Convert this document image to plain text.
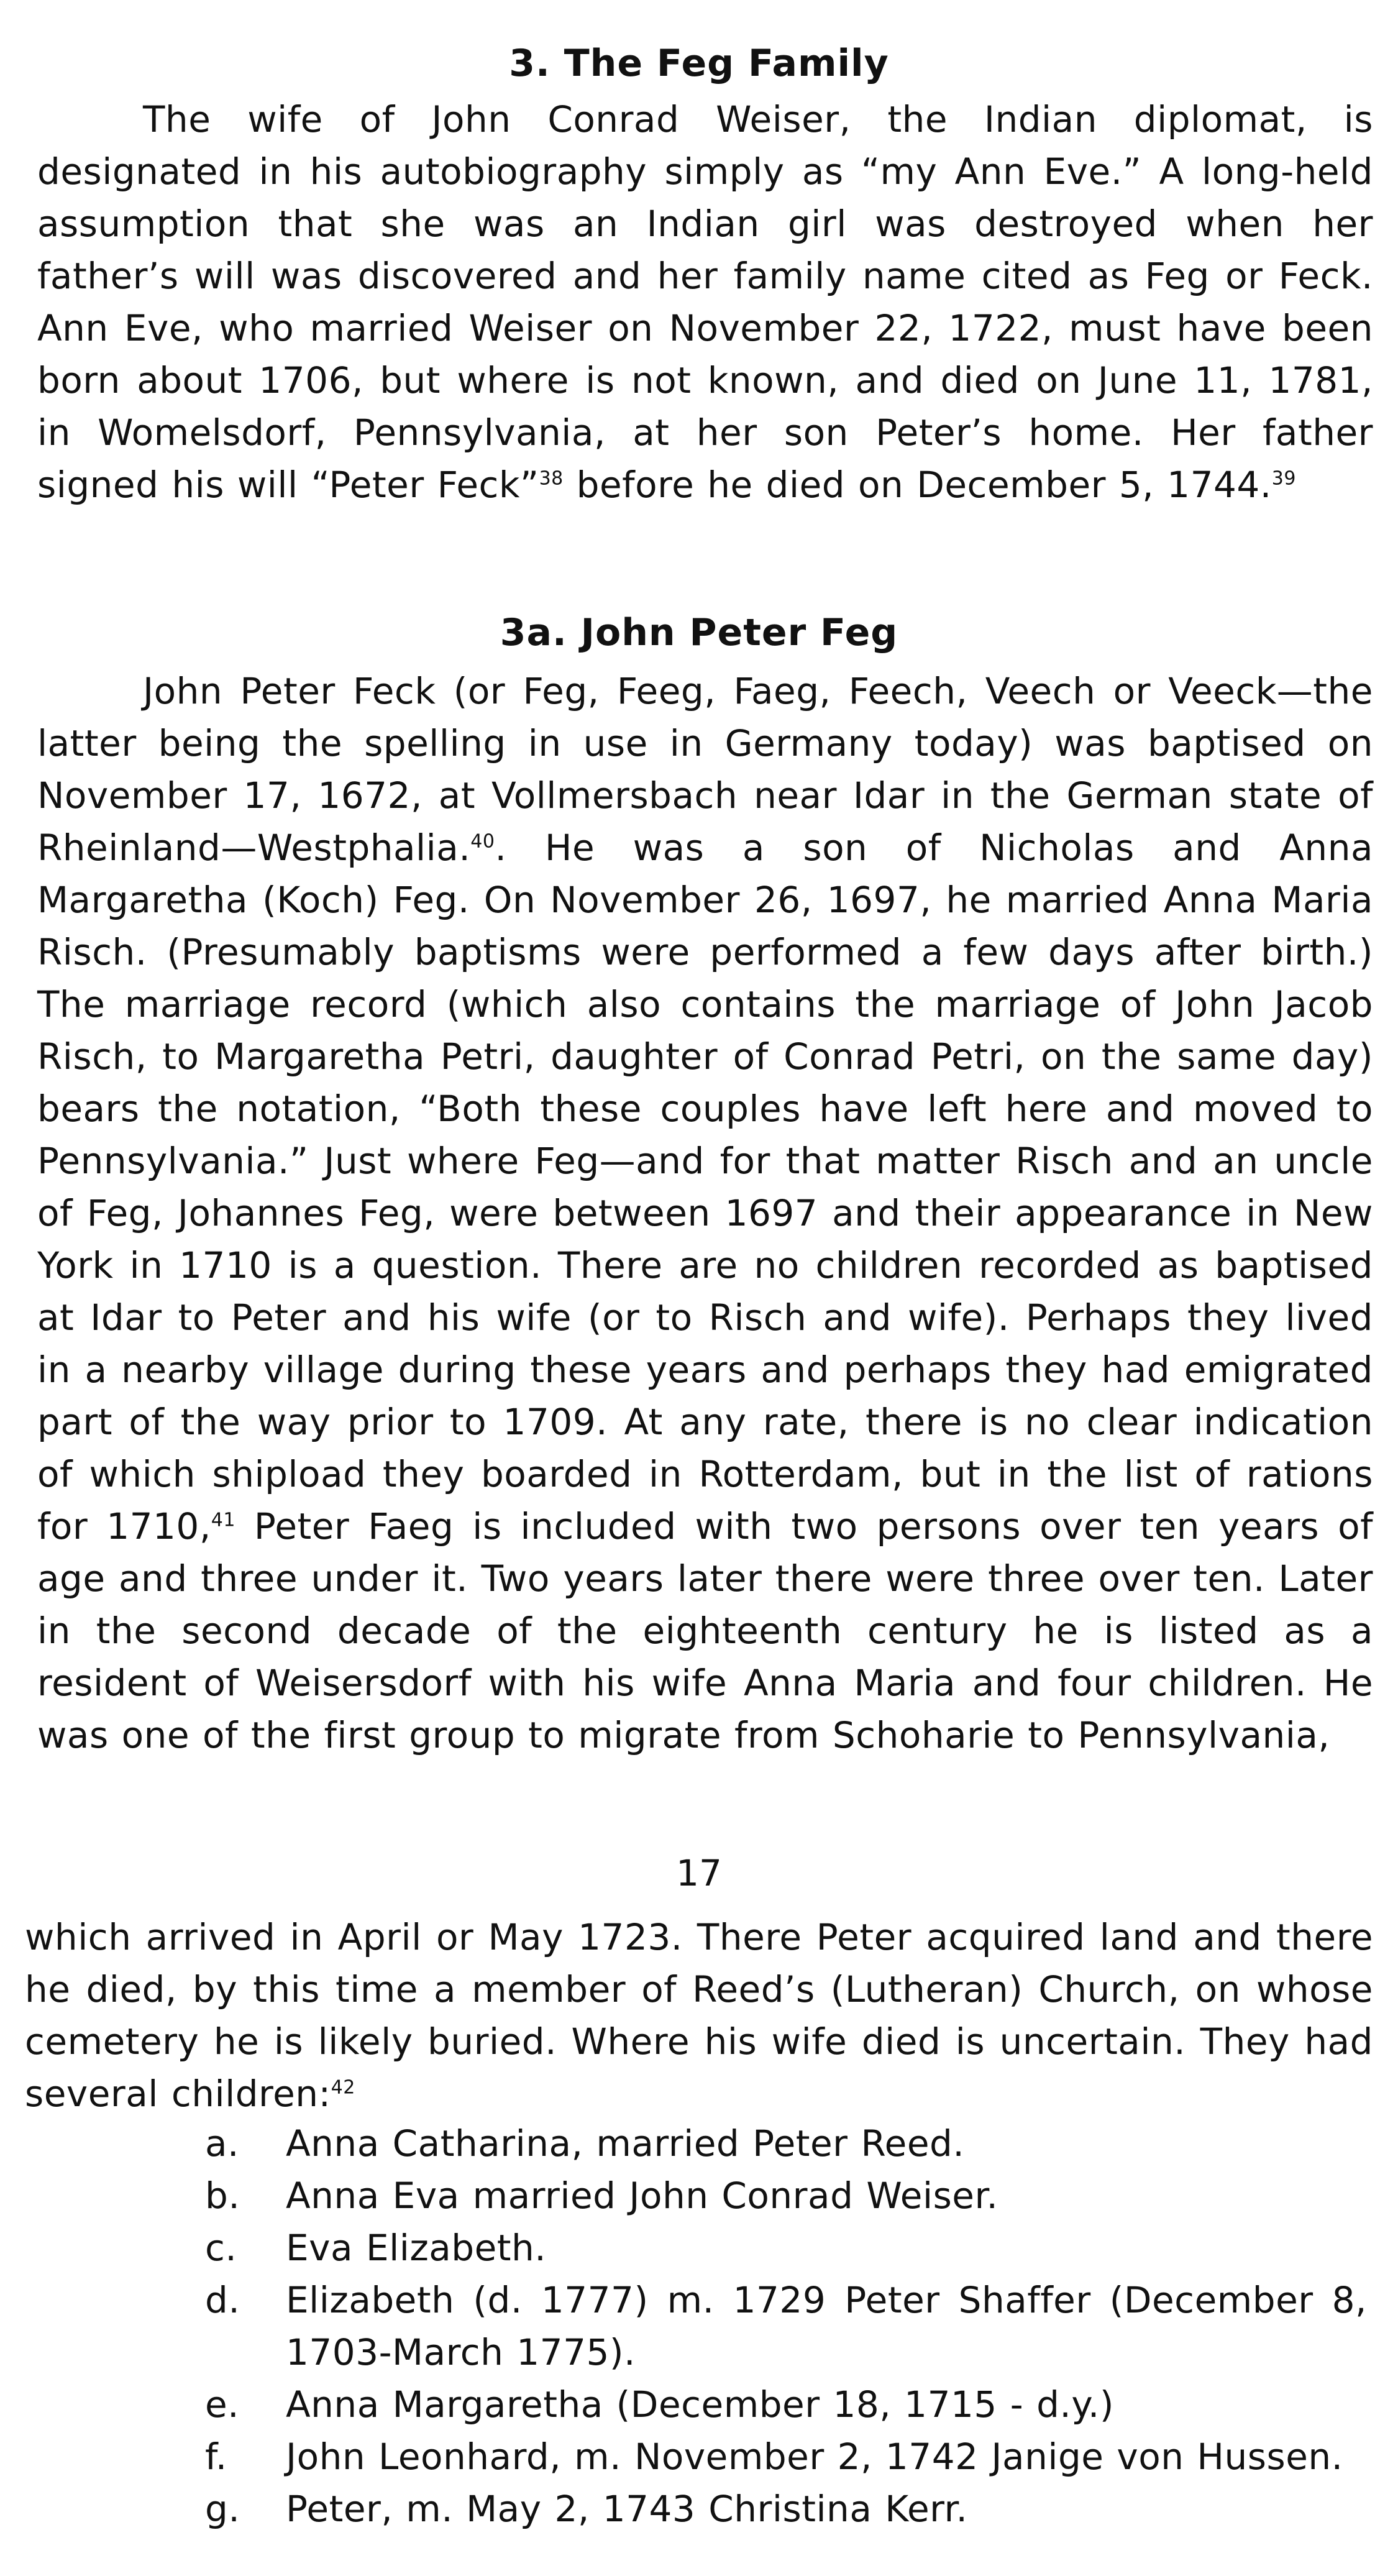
3. The Feg Family

The wife of John Conrad Weiser, the Indian diplomat, is designated in his autobiography simply as “my Ann Eve.” A long-held assumption that she was an Indian girl was destroyed when her father’s will was discovered and her family name cited as Feg or Feck. Ann Eve, who married Weiser on November 22, 1722, must have been born about 1706, but where is not known, and died on June 11, 1781, in Womelsdorf, Pennsylvania, at her son Peter’s home. Her father signed his will “Peter Feck”$^{38}$ before he died on December 5, 1744.39

3a. John Peter Feg

John Peter Feck (or Feg, Feeg, Faeg, Feech, Veech or Veeck—the latter being the spelling in use in Germany today) was baptised on November 17, 1672, at Vollmersbach near Idar in the German state of Rheinland—Westphalia.$^{40}$. He was a son of Nicholas and Anna Margaretha (Koch) Feg. On November 26, 1697, he married Anna Maria Risch. (Presumably baptisms were performed a few days after birth.) The marriage record (which also contains the marriage of John Jacob Risch, to Margaretha Petri, daughter of Conrad Petri, on the same day) bears the notation, “Both these couples have left here and moved to Pennsylvania.” Just where Feg—and for that matter Risch and an uncle of Feg, Johannes Feg, were between 1697 and their appearance in New York in 1710 is a question. There are no children recorded as baptised at Idar to Peter and his wife (or to Risch and wife). Perhaps they lived in a nearby village during these years and perhaps they had emigrated part of the way prior to 1709. At any rate, there is no clear indication of which shipload they boarded in Rotterdam, but in the list of rations for 1710,41 Peter Faeg is included with two persons over ten years of age and three under it. Two years later there were three over ten. Later in the second decade of the eighteenth century he is listed as a resident of Weisersdorf with his wife Anna Maria and four children. He was one of the first group to migrate from Schoharie to Pennsylvania,

17

which arrived in April or May 1723. There Peter acquired land and there he died, by this time a member of Reed’s (Lutheran) Church, on whose cemetery he is likely buried. Where his wife died is uncertain. They had several children:$^{42}$

a. Anna Catharina, married Peter Reed.
b. Anna Eva married John Conrad Weiser.
c. Eva Elizabeth.
d. Elizabeth (d. 1777) m. 1729 Peter Shaffer (December 8, 1703-March 1775).
e. Anna Margaretha (December 18, 1715 - d.y.)
f. John Leonhard, m. November 2, 1742 Janige von Hussen.
g. Peter, m. May 2, 1743 Christina Kerr.
